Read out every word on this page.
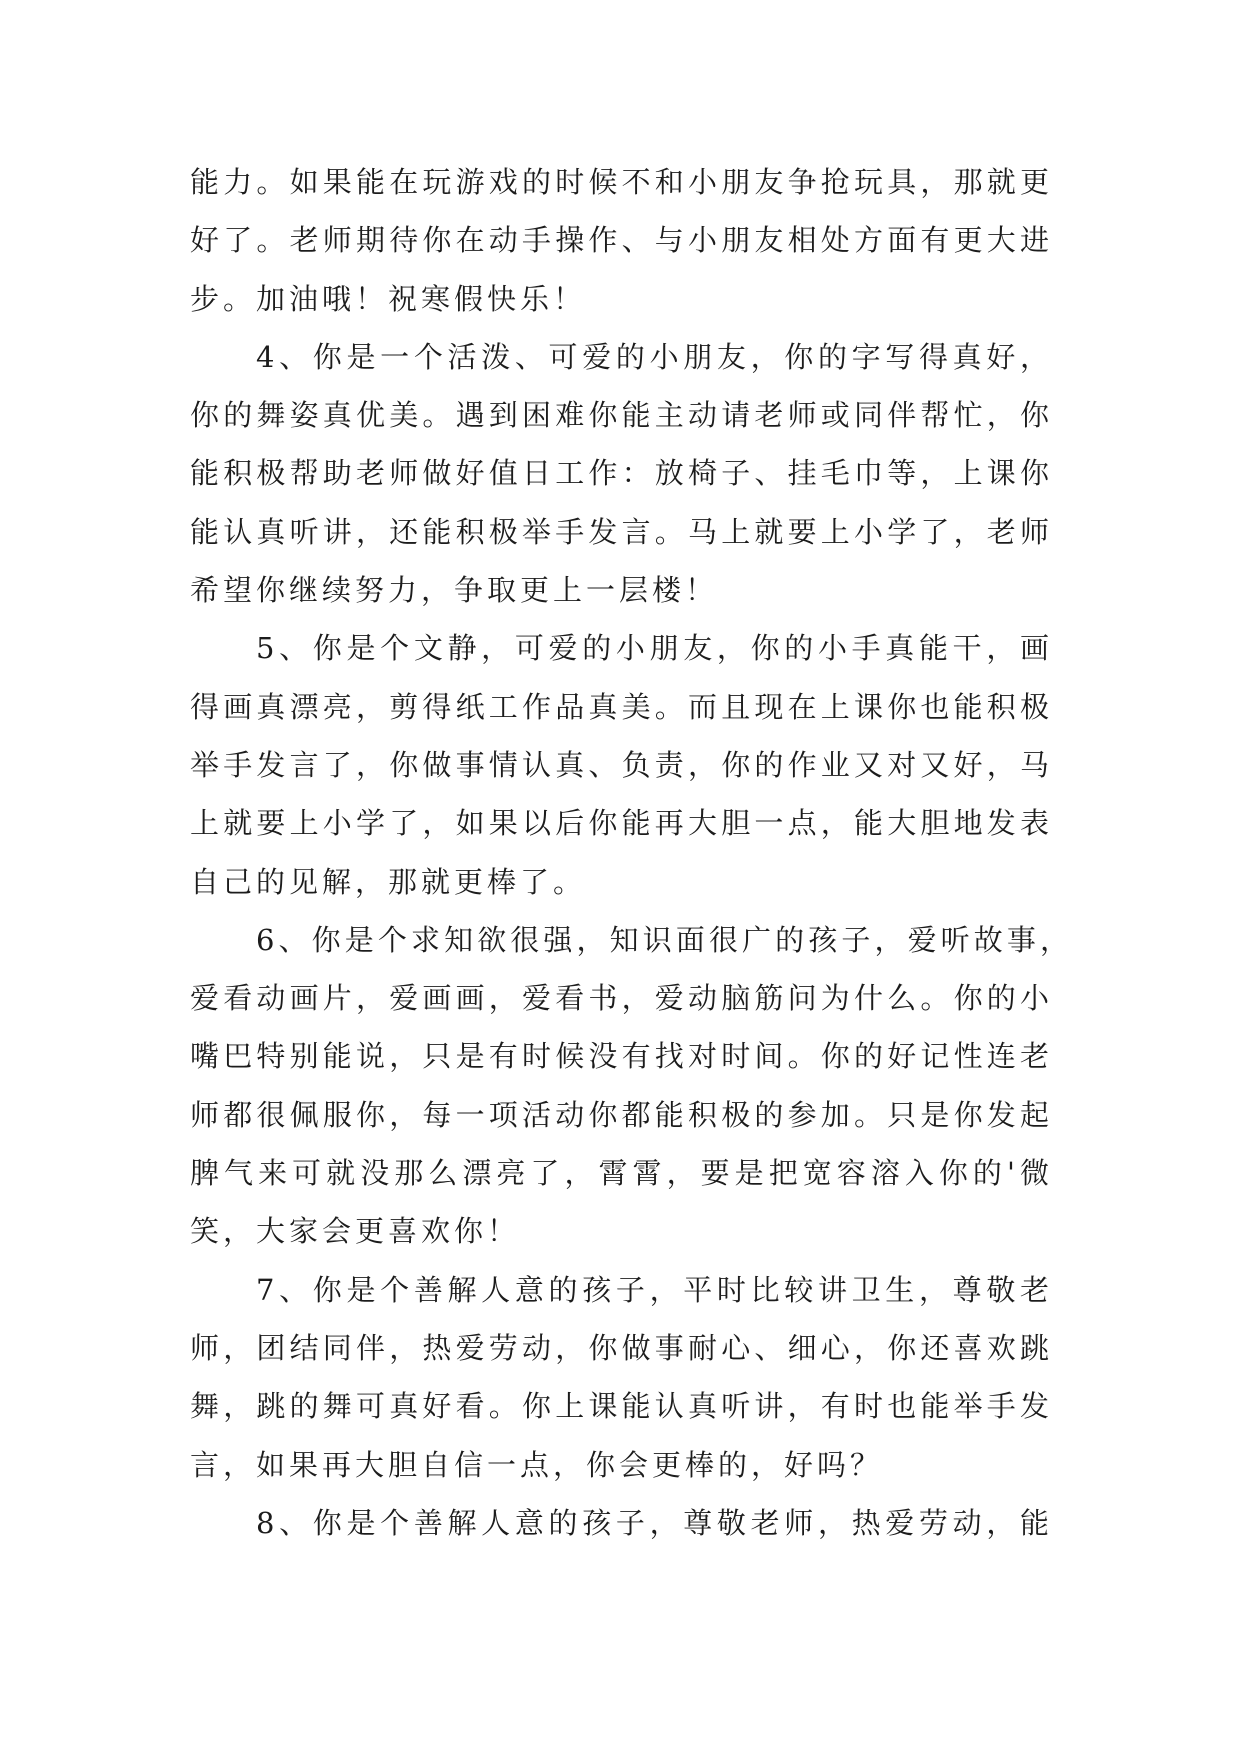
能力。如果能在玩游戏的时候不和小朋友争抢玩具，那就更
好了。老师期待你在动手操作、与小朋友相处方面有更大进
步。加油哦！祝寒假快乐！
4、你是一个活泼、可爱的小朋友，你的字写得真好，
你的舞姿真优美。遇到困难你能主动请老师或同伴帮忙，你
能积极帮助老师做好值日工作：放椅子、挂毛巾等，上课你
能认真听讲，还能积极举手发言。马上就要上小学了，老师
希望你继续努力，争取更上一层楼！
5、你是个文静，可爱的小朋友，你的小手真能干，画
得画真漂亮，剪得纸工作品真美。而且现在上课你也能积极
举手发言了，你做事情认真、负责，你的作业又对又好，马
上就要上小学了，如果以后你能再大胆一点，能大胆地发表
自己的见解，那就更棒了。
6、你是个求知欲很强，知识面很广的孩子，爱听故事，
爱看动画片，爱画画，爱看书，爱动脑筋问为什么。你的小
嘴巴特别能说，只是有时候没有找对时间。你的好记性连老
师都很佩服你，每一项活动你都能积极的参加。只是你发起
脾气来可就没那么漂亮了，霄霄，要是把宽容溶入你的'微
笑，大家会更喜欢你！
7、你是个善解人意的孩子，平时比较讲卫生，尊敬老
师，团结同伴，热爱劳动，你做事耐心、细心，你还喜欢跳
舞，跳的舞可真好看。你上课能认真听讲，有时也能举手发
言，如果再大胆自信一点，你会更棒的，好吗？
8、你是个善解人意的孩子，尊敬老师，热爱劳动，能
